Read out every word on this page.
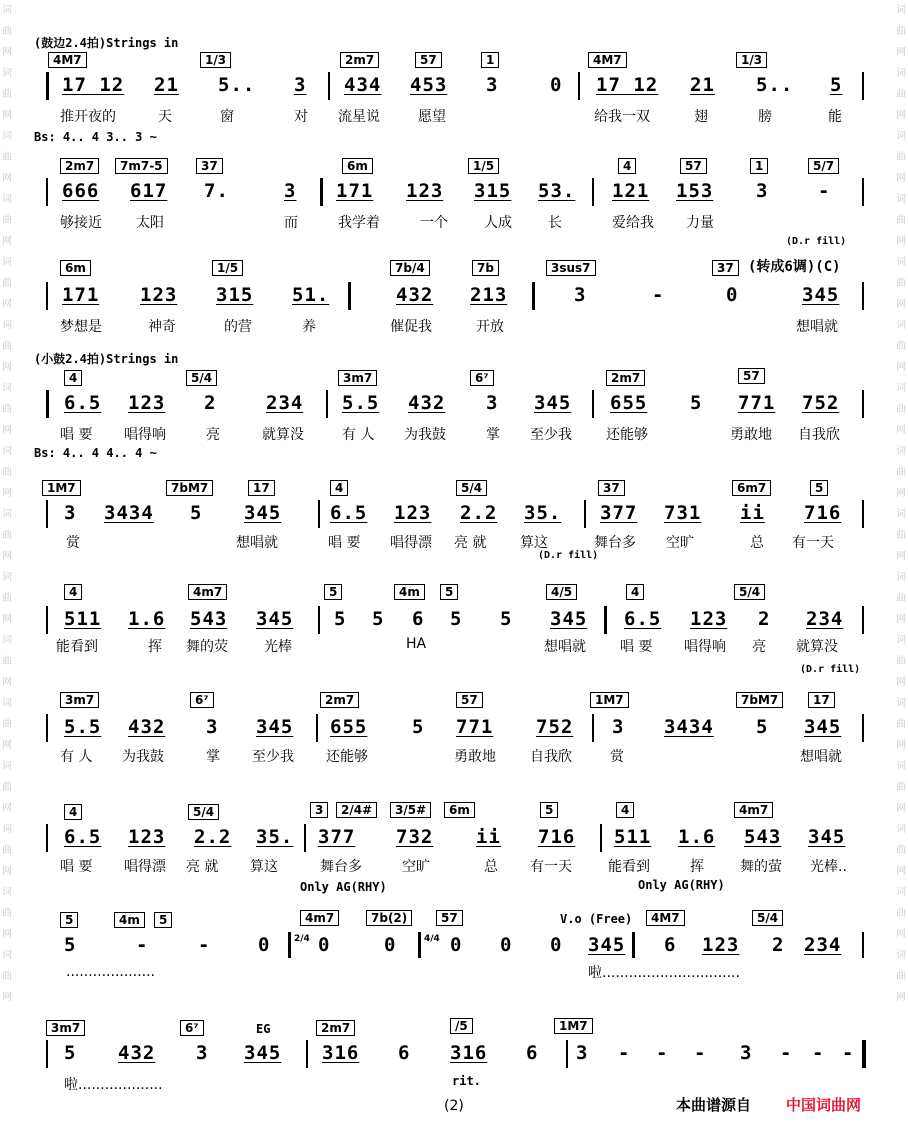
词曲网词曲网词曲网词曲网词曲网词曲网词曲网词曲网词曲网词曲网词曲网词曲网词曲网词曲网词曲网词曲网
词曲网词曲网词曲网词曲网词曲网词曲网词曲网词曲网词曲网词曲网词曲网词曲网词曲网词曲网词曲网词曲网
(鼓边2.4拍)Strings in
4M7	1/3	2m7	57	1	4M7	1/3
17 12 21 5.. 3 434 453 3	0 17 12 21 5.. 5
推开夜的	天	窗	对 流星说	愿望	给我一双	翅	膀	能
Bs: 4.. 4 3.. 3 ~
2m7	7m7-5	37	6m	1/5	4	57	1	5/7
666 617 7.	3 171 123 315 53. 121 153 3	-
够接近 太阳	而	我学着	一个	人成	长	爱给我 力量
(D.r fill)
6m	1/5	7b/4	7b	3sus7	37	(转成6调)(C)
171 123 315 51.	432 213	3	-	0	345
梦想是	神奇	的营	养	催促我	开放	想唱就
(小鼓2.4拍)Strings in
4	5/4	3m7	6⁷	2m7	57
6.5 123 2	234 5.5 432 3 345 655 5 771 752
唱 要 唱得响	亮	就算没	有 人 为我鼓	掌 至少我 还能够	勇敢地 自我欣
Bs: 4.. 4 4.. 4 ~
1M7	7bM7	17	4	5/4	37	6m7	5
3 3434 5 345	6.5 123 2.2 35. 377 731 ii 716
赏	想唱就	唱 要 唱得漂 亮 就 算这	舞台多 空旷	总 有一天
(D.r fill)
4	4m7	5	4m	5	4/5	4	5/4
511 1.6 543 345 5 5 6 5 5 345 6.5 123 2 234
能看到	挥 舞的荧	光棒	HA	想唱就 唱 要 唱得响 亮 就算没
(D.r fill)
3m7	6⁷	2m7	57	1M7	7bM7	17
5.5 432 3 345 655 5 771 752 3 3434 5 345
有 人 为我鼓	掌 至少我 还能够	勇敢地 自我欣	赏	想唱就
4	5/4	3	2/4#	3/5#	6m	5	4	4m7
6.5 123 2.2 35. 377 732 ii 716 511 1.6 543 345
唱 要 唱得漂 亮 就 算这	舞台多	空旷	总 有一天	能看到	挥	舞的萤 光棒..
Only AG(RHY)	Only AG(RHY)
5	4m	5	4m7	7b(2)	57	V.o (Free)	4M7	5/4
2/4	4/4
5	-	-	0	0	0	0 0 0 345 6 123 2 234
....................	啦...............................
3m7	6⁷	EG	2m7	/5	1M7
5 432 3 345 316 6 316 6 3 - - - 3 - - -
啦...................	rit.
(2)	本曲谱源自 中国词曲网
